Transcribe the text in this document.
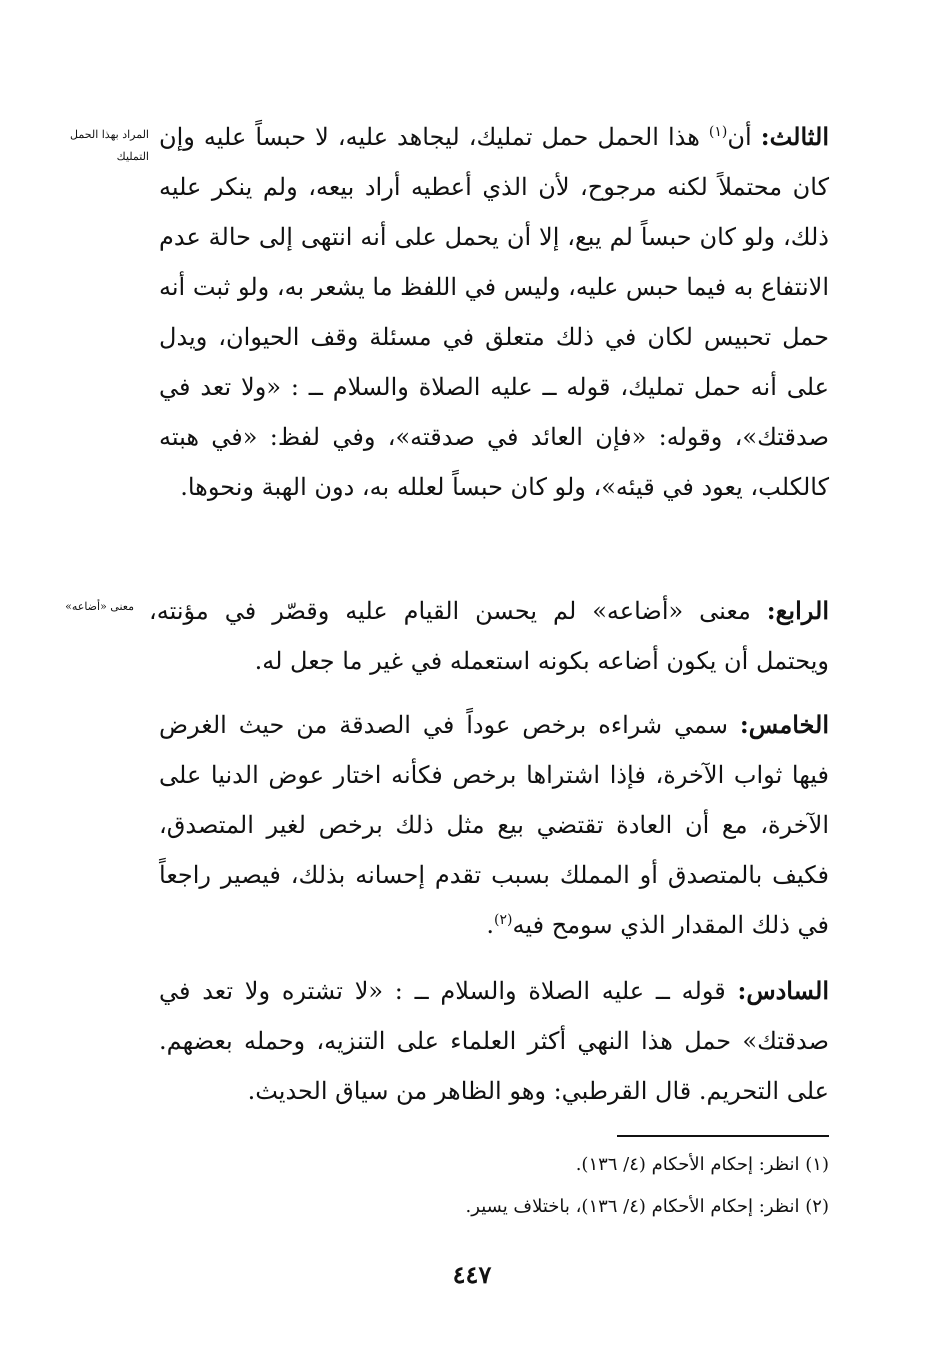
المراد بهذا الحمل التمليك

الثالث: أن$^{(١)}$ هذا الحمل حمل تمليك، ليجاهد عليه، لا حبساً عليه وإن كان محتملاً لكنه مرجوح، لأن الذي أعطيه أراد بيعه، ولم ينكر عليه ذلك، ولو كان حبساً لم يبع، إلا أن يحمل على أنه انتهى إلى حالة عدم الانتفاع به فيما حبس عليه، وليس في اللفظ ما يشعر به، ولو ثبت أنه حمل تحبيس لكان في ذلك متعلق في مسئلة وقف الحيوان، ويدل على أنه حمل تمليك، قوله ــ عليه الصلاة والسلام ــ : «ولا تعد في صدقتك»، وقوله: «فإن العائد في صدقته»، وفي لفظ: «في هبته كالكلب، يعود في قيئه»، ولو كان حبساً لعلله به، دون الهبة ونحوها.

معنى «أضاعه»	الرابع: معنى «أضاعه» لم يحسن القيام عليه وقصّر في مؤنته، ويحتمل أن يكون أضاعه بكونه استعمله في غير ما جعل له.

الخامس: سمي شراءه برخص عوداً في الصدقة من حيث الغرض فيها ثواب الآخرة، فإذا اشتراها برخص فكأنه اختار عوض الدنيا على الآخرة، مع أن العادة تقتضي بيع مثل ذلك برخص لغير المتصدق، فكيف بالمتصدق أو المملك بسبب تقدم إحسانه بذلك، فيصير راجعاً في ذلك المقدار الذي سومح فيه$^{(٢)}$.

السادس: قوله ــ عليه الصلاة والسلام ــ : «لا تشتره ولا تعد في صدقتك» حمل هذا النهي أكثر العلماء على التنزيه، وحمله بعضهم. على التحريم. قال القرطبي: وهو الظاهر من سياق الحديث.

(١) انظر: إحكام الأحكام (٤/ ١٣٦).

(٢) انظر: إحكام الأحكام (٤/ ١٣٦)، باختلاف يسير.

٤٤٧
